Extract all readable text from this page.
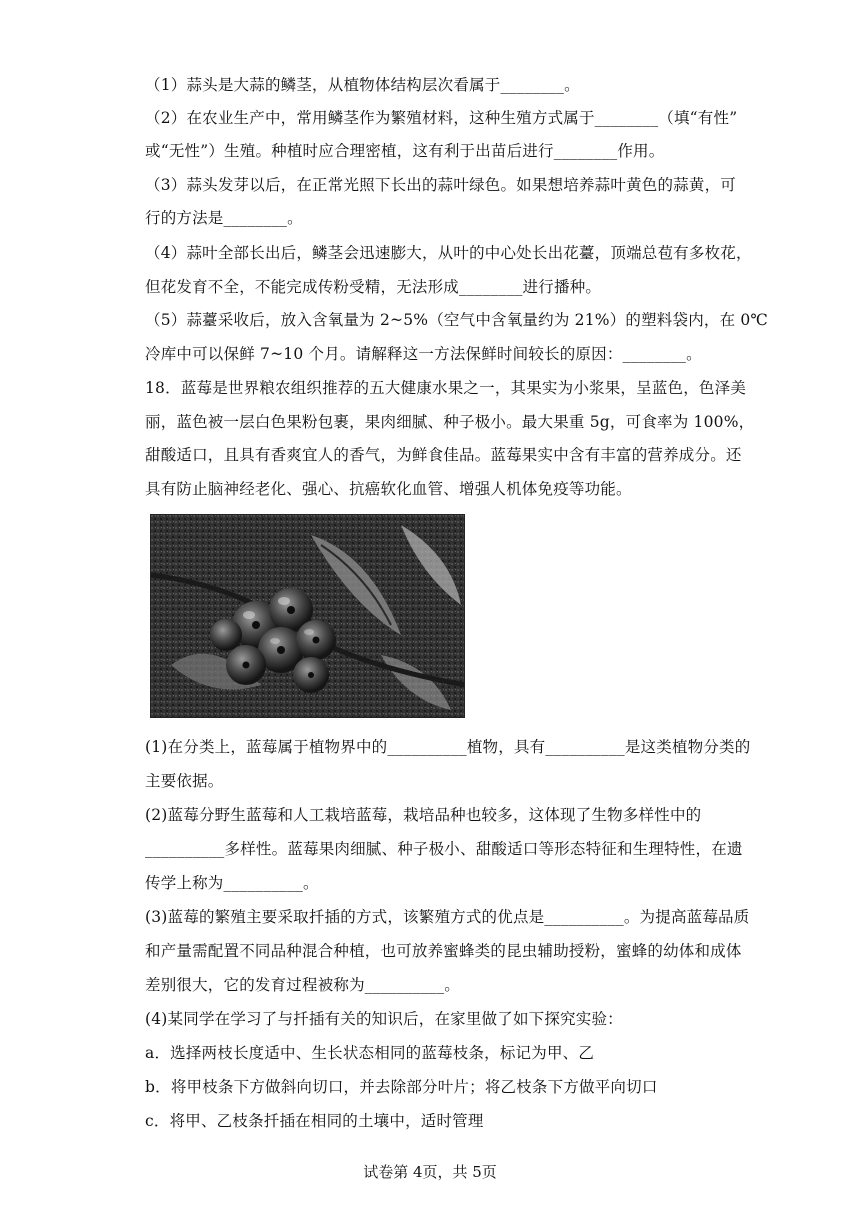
（1）蒜头是大蒜的鳞茎，从植物体结构层次看属于________。
（2）在农业生产中，常用鳞茎作为繁殖材料，这种生殖方式属于________（填“有性”
或“无性”）生殖。种植时应合理密植，这有利于出苗后进行________作用。
（3）蒜头发芽以后，在正常光照下长出的蒜叶绿色。如果想培养蒜叶黄色的蒜黄，可
行的方法是________。
（4）蒜叶全部长出后，鳞茎会迅速膨大，从叶的中心处长出花薹，顶端总苞有多枚花，
但花发育不全，不能完成传粉受精，无法形成________进行播种。
（5）蒜薹采收后，放入含氧量为 2~5%（空气中含氧量约为 21%）的塑料袋内，在 0℃
冷库中可以保鲜 7~10 个月。请解释这一方法保鲜时间较长的原因：________。
18．蓝莓是世界粮农组织推荐的五大健康水果之一，其果实为小浆果，呈蓝色，色泽美
丽，蓝色被一层白色果粉包裹，果肉细腻、种子极小。最大果重 5g，可食率为 100%，
甜酸适口，且具有香爽宜人的香气，为鲜食佳品。蓝莓果实中含有丰富的营养成分。还
具有防止脑神经老化、强心、抗癌软化血管、增强人机体免疫等功能。
(1)在分类上，蓝莓属于植物界中的__________植物，具有__________是这类植物分类的
主要依据。
(2)蓝莓分野生蓝莓和人工栽培蓝莓，栽培品种也较多，这体现了生物多样性中的
__________多样性。蓝莓果肉细腻、种子极小、甜酸适口等形态特征和生理特性，在遗
传学上称为__________。
(3)蓝莓的繁殖主要采取扦插的方式，该繁殖方式的优点是__________。为提高蓝莓品质
和产量需配置不同品种混合种植，也可放养蜜蜂类的昆虫辅助授粉，蜜蜂的幼体和成体
差别很大，它的发育过程被称为__________。
(4)某同学在学习了与扦插有关的知识后，在家里做了如下探究实验：
a．选择两枝长度适中、生长状态相同的蓝莓枝条，标记为甲、乙
b．将甲枝条下方做斜向切口，并去除部分叶片；将乙枝条下方做平向切口
c．将甲、乙枝条扦插在相同的土壤中，适时管理
试卷第 4页，共 5页
